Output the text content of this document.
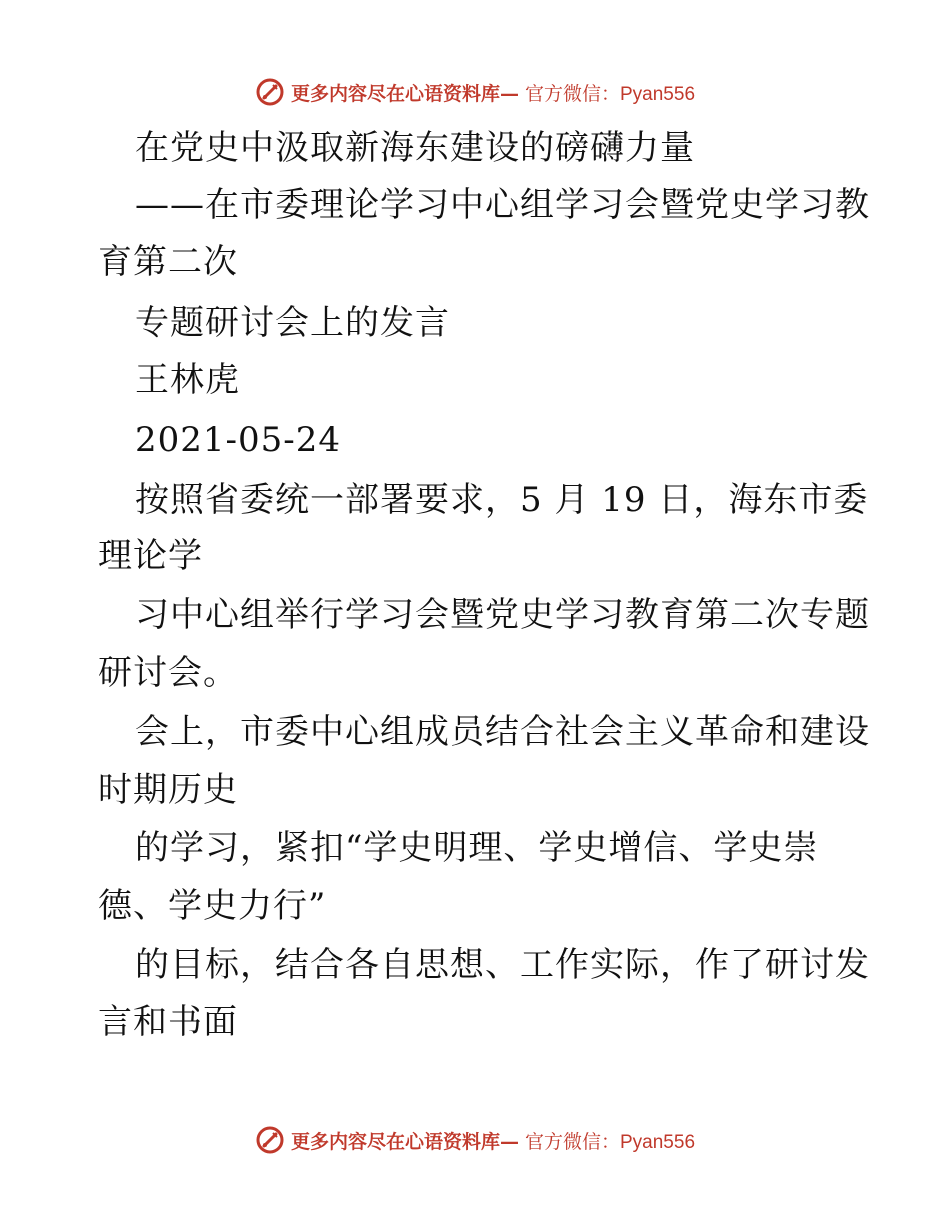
更多内容尽在心语资料库— 官方微信：Pyan556
在党史中汲取新海东建设的磅礴力量
——在市委理论学习中心组学习会暨党史学习教
育第二次
专题研讨会上的发言
王林虎
2021-05-24
按照省委统一部署要求，5 月 19 日，海东市委
理论学
习中心组举行学习会暨党史学习教育第二次专题
研讨会。
会上，市委中心组成员结合社会主义革命和建设
时期历史
的学习，紧扣“学史明理、学史增信、学史崇
德、学史力行”
的目标，结合各自思想、工作实际，作了研讨发
言和书面
更多内容尽在心语资料库— 官方微信：Pyan556
